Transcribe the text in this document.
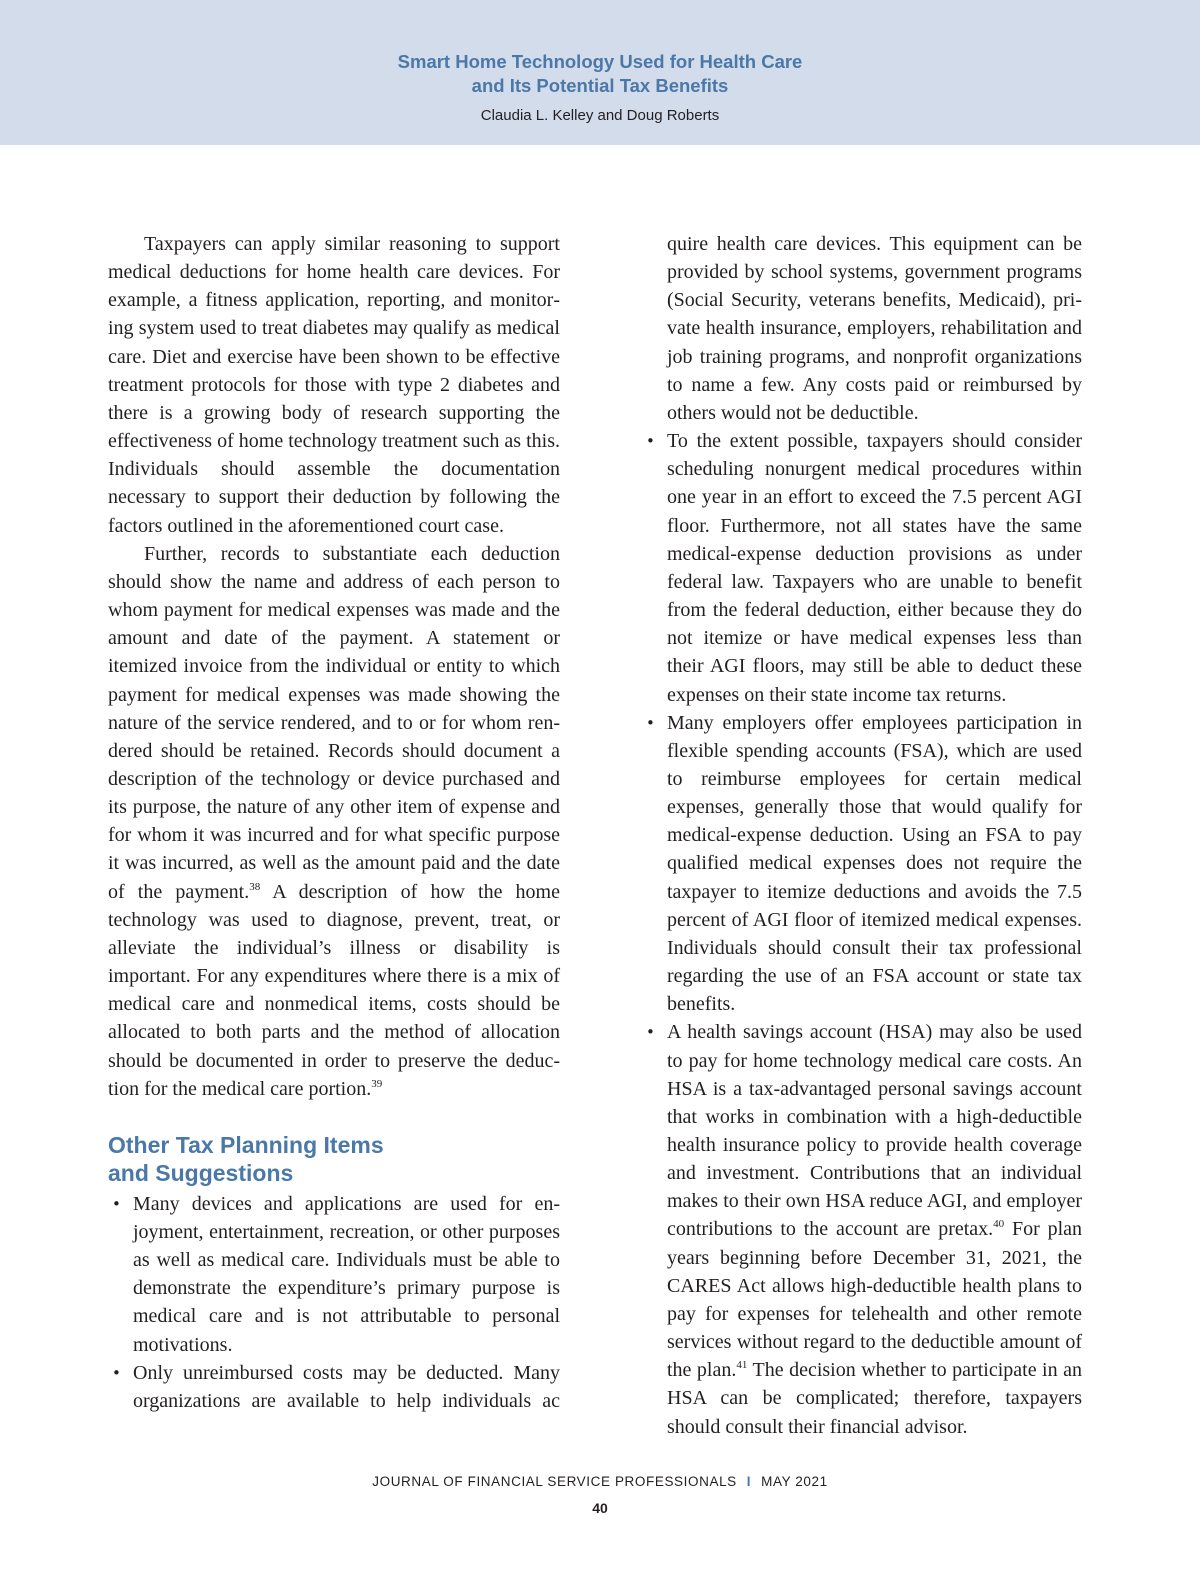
Smart Home Technology Used for Health Care
and Its Potential Tax Benefits
Claudia L. Kelley and Doug Roberts

Taxpayers can apply similar reasoning to support medical deductions for home health care devices. For example, a fitness application, reporting, and monitoring system used to treat diabetes may qualify as medical care. Diet and exercise have been shown to be effective treatment protocols for those with type 2 diabetes and there is a growing body of research supporting the effectiveness of home technology treatment such as this. Individuals should assemble the documentation necessary to support their deduction by following the factors outlined in the aforementioned court case.

Further, records to substantiate each deduction should show the name and address of each person to whom payment for medical expenses was made and the amount and date of the payment. A statement or itemized invoice from the individual or entity to which payment for medical expenses was made showing the nature of the service rendered, and to or for whom rendered should be retained. Records should document a description of the technology or device purchased and its purpose, the nature of any other item of expense and for whom it was incurred and for what specific purpose it was incurred, as well as the amount paid and the date of the payment.$^{38}$ A description of how the home technology was used to diagnose, prevent, treat, or alleviate the individual’s illness or disability is important. For any expenditures where there is a mix of medical care and nonmedical items, costs should be allocated to both parts and the method of allocation should be documented in order to preserve the deduction for the medical care portion.$^{39}$

Other Tax Planning Items
and Suggestions
• Many devices and applications are used for enjoyment, entertainment, recreation, or other purposes as well as medical care. Individuals must be able to demonstrate the expenditure’s primary purpose is medical care and is not attributable to personal motivations.
• Only unreimbursed costs may be deducted. Many organizations are available to help individuals ac
quire health care devices. This equipment can be provided by school systems, government programs (Social Security, veterans benefits, Medicaid), private health insurance, employers, rehabilitation and job training programs, and nonprofit organizations to name a few. Any costs paid or reimbursed by others would not be deductible.
• To the extent possible, taxpayers should consider scheduling nonurgent medical procedures within one year in an effort to exceed the 7.5 percent AGI floor. Furthermore, not all states have the same medical-expense deduction provisions as under federal law. Taxpayers who are unable to benefit from the federal deduction, either because they do not itemize or have medical expenses less than their AGI floors, may still be able to deduct these expenses on their state income tax returns.
• Many employers offer employees participation in flexible spending accounts (FSA), which are used to reimburse employees for certain medical expenses, generally those that would qualify for medical-expense deduction. Using an FSA to pay qualified medical expenses does not require the taxpayer to itemize deductions and avoids the 7.5 percent of AGI floor of itemized medical expenses. Individuals should consult their tax professional regarding the use of an FSA account or state tax benefits.
• A health savings account (HSA) may also be used to pay for home technology medical care costs. An HSA is a tax-advantaged personal savings account that works in combination with a high-deductible health insurance policy to provide health coverage and investment. Contributions that an individual makes to their own HSA reduce AGI, and employer contributions to the account are pretax.$^{40}$ For plan years beginning before December 31, 2021, the CARES Act allows high-deductible health plans to pay for expenses for telehealth and other remote services without regard to the deductible amount of the plan.$^{41}$ The decision whether to participate in an HSA can be complicated; therefore, taxpayers should consult their financial advisor.
JOURNAL OF FINANCIAL SERVICE PROFESSIONALS I MAY 2021
40
